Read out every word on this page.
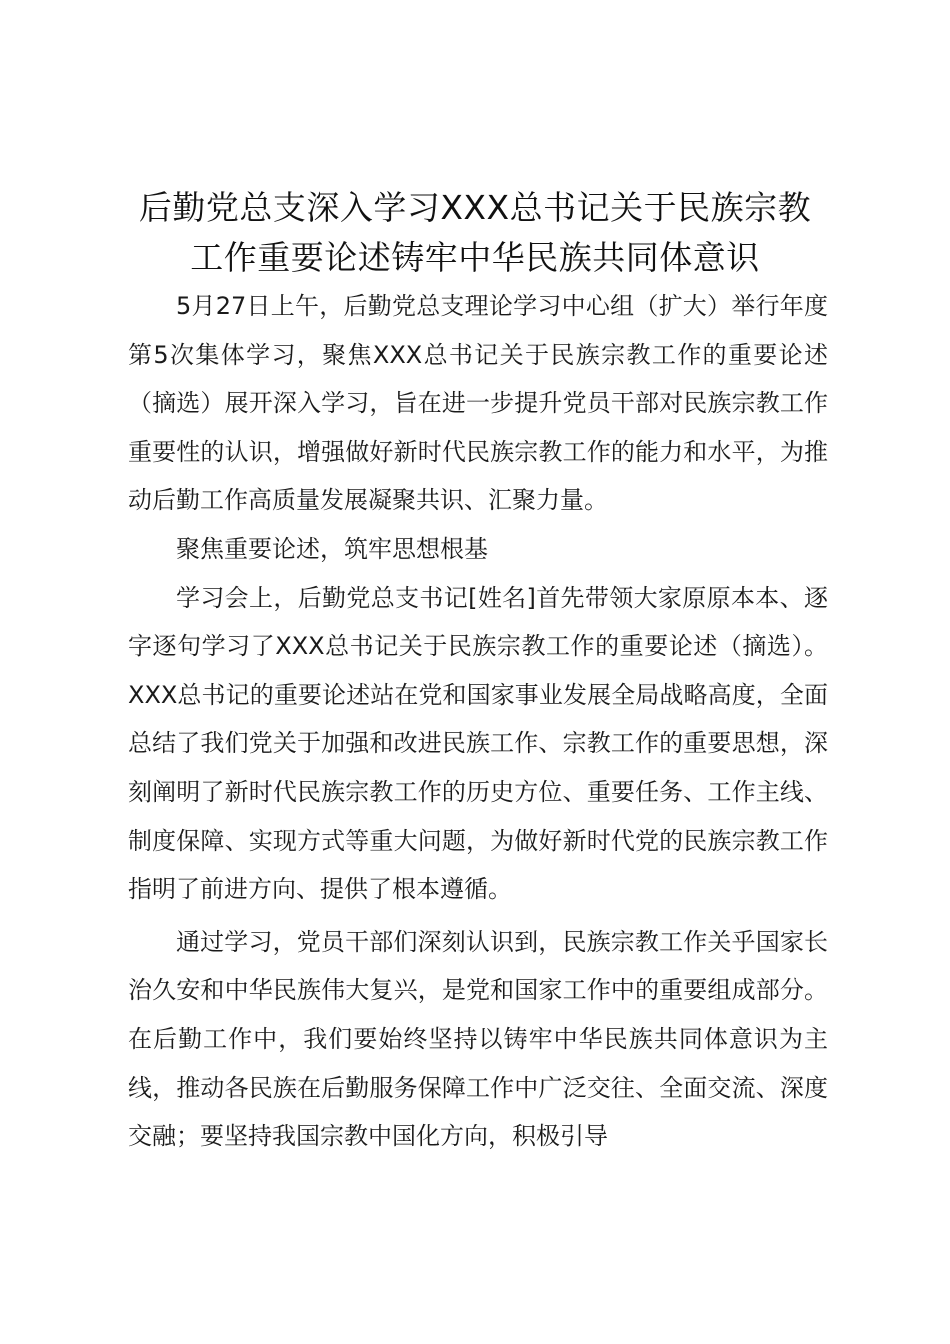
后勤党总支深入学习XXX总书记关于民族宗教
工作重要论述铸牢中华民族共同体意识

5月27日上午，后勤党总支理论学习中心组（扩大）举行年度第5次集体学习，聚焦XXX总书记关于民族宗教工作的重要论述（摘选）展开深入学习，旨在进一步提升党员干部对民族宗教工作重要性的认识，增强做好新时代民族宗教工作的能力和水平，为推动后勤工作高质量发展凝聚共识、汇聚力量。

聚焦重要论述，筑牢思想根基

学习会上，后勤党总支书记[姓名]首先带领大家原原本本、逐字逐句学习了XXX总书记关于民族宗教工作的重要论述（摘选）。XXX总书记的重要论述站在党和国家事业发展全局战略高度，全面总结了我们党关于加强和改进民族工作、宗教工作的重要思想，深刻阐明了新时代民族宗教工作的历史方位、重要任务、工作主线、制度保障、实现方式等重大问题，为做好新时代党的民族宗教工作指明了前进方向、提供了根本遵循。

通过学习，党员干部们深刻认识到，民族宗教工作关乎国家长治久安和中华民族伟大复兴，是党和国家工作中的重要组成部分。在后勤工作中，我们要始终坚持以铸牢中华民族共同体意识为主线，推动各民族在后勤服务保障工作中广泛交往、全面交流、深度交融；要坚持我国宗教中国化方向，积极引导
